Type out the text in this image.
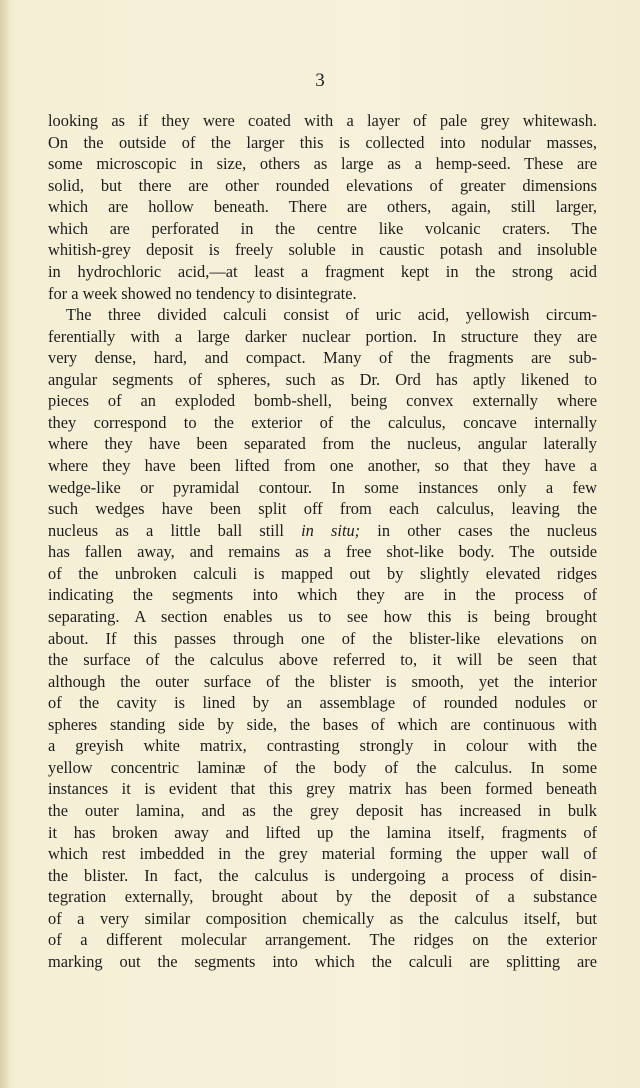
3
looking as if they were coated with a layer of pale grey whitewash.
On the outside of the larger this is collected into nodular masses,
some microscopic in size, others as large as a hemp-seed. These are
solid, but there are other rounded elevations of greater dimensions
which are hollow beneath. There are others, again, still larger,
which are perforated in the centre like volcanic craters. The
whitish-grey deposit is freely soluble in caustic potash and insoluble
in hydrochloric acid,—at least a fragment kept in the strong acid
for a week showed no tendency to disintegrate.
The three divided calculi consist of uric acid, yellowish circum-
ferentially with a large darker nuclear portion. In structure they are
very dense, hard, and compact. Many of the fragments are sub-
angular segments of spheres, such as Dr. Ord has aptly likened to
pieces of an exploded bomb-shell, being convex externally where
they correspond to the exterior of the calculus, concave internally
where they have been separated from the nucleus, angular laterally
where they have been lifted from one another, so that they have a
wedge-like or pyramidal contour. In some instances only a few
such wedges have been split off from each calculus, leaving the
nucleus as a little ball still in situ; in other cases the nucleus
has fallen away, and remains as a free shot-like body. The outside
of the unbroken calculi is mapped out by slightly elevated ridges
indicating the segments into which they are in the process of
separating. A section enables us to see how this is being brought
about. If this passes through one of the blister-like elevations on
the surface of the calculus above referred to, it will be seen that
although the outer surface of the blister is smooth, yet the interior
of the cavity is lined by an assemblage of rounded nodules or
spheres standing side by side, the bases of which are continuous with
a greyish white matrix, contrasting strongly in colour with the
yellow concentric laminæ of the body of the calculus. In some
instances it is evident that this grey matrix has been formed beneath
the outer lamina, and as the grey deposit has increased in bulk
it has broken away and lifted up the lamina itself, fragments of
which rest imbedded in the grey material forming the upper wall of
the blister. In fact, the calculus is undergoing a process of disin-
tegration externally, brought about by the deposit of a substance
of a very similar composition chemically as the calculus itself, but
of a different molecular arrangement. The ridges on the exterior
marking out the segments into which the calculi are splitting are
